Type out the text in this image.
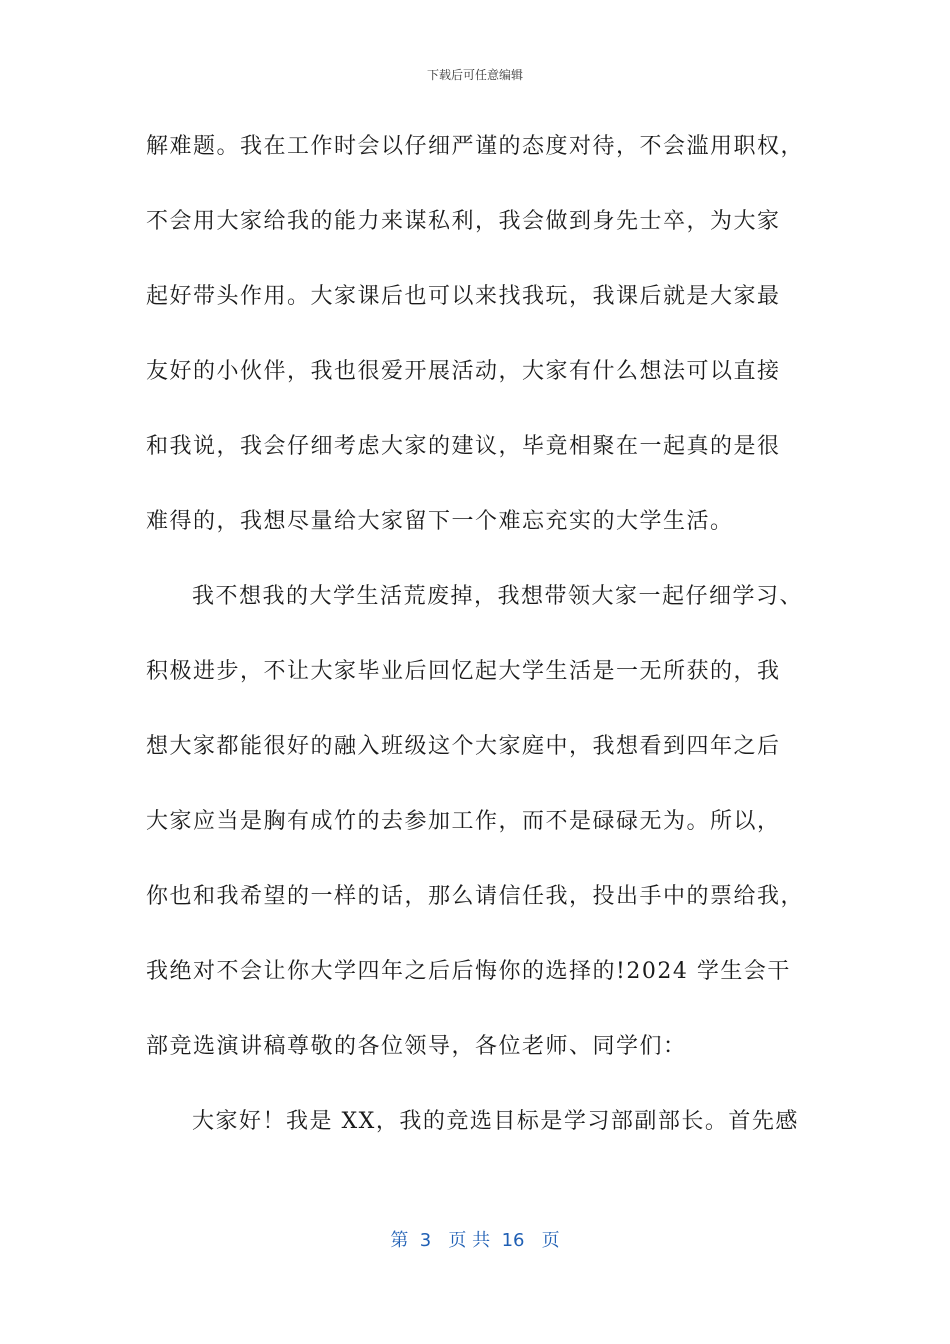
下载后可任意编辑
解难题。我在工作时会以仔细严谨的态度对待，不会滥用职权，
不会用大家给我的能力来谋私利，我会做到身先士卒，为大家
起好带头作用。大家课后也可以来找我玩，我课后就是大家最
友好的小伙伴，我也很爱开展活动，大家有什么想法可以直接
和我说，我会仔细考虑大家的建议，毕竟相聚在一起真的是很
难得的，我想尽量给大家留下一个难忘充实的大学生活。
我不想我的大学生活荒废掉，我想带领大家一起仔细学习、
积极进步，不让大家毕业后回忆起大学生活是一无所获的，我
想大家都能很好的融入班级这个大家庭中，我想看到四年之后
大家应当是胸有成竹的去参加工作，而不是碌碌无为。所以，
你也和我希望的一样的话，那么请信任我，投出手中的票给我，
我绝对不会让你大学四年之后后悔你的选择的!2024 学生会干
部竞选演讲稿尊敬的各位领导，各位老师、同学们：
大家好！我是 XX，我的竞选目标是学习部副部长。首先感
第  3   页 共  16   页
